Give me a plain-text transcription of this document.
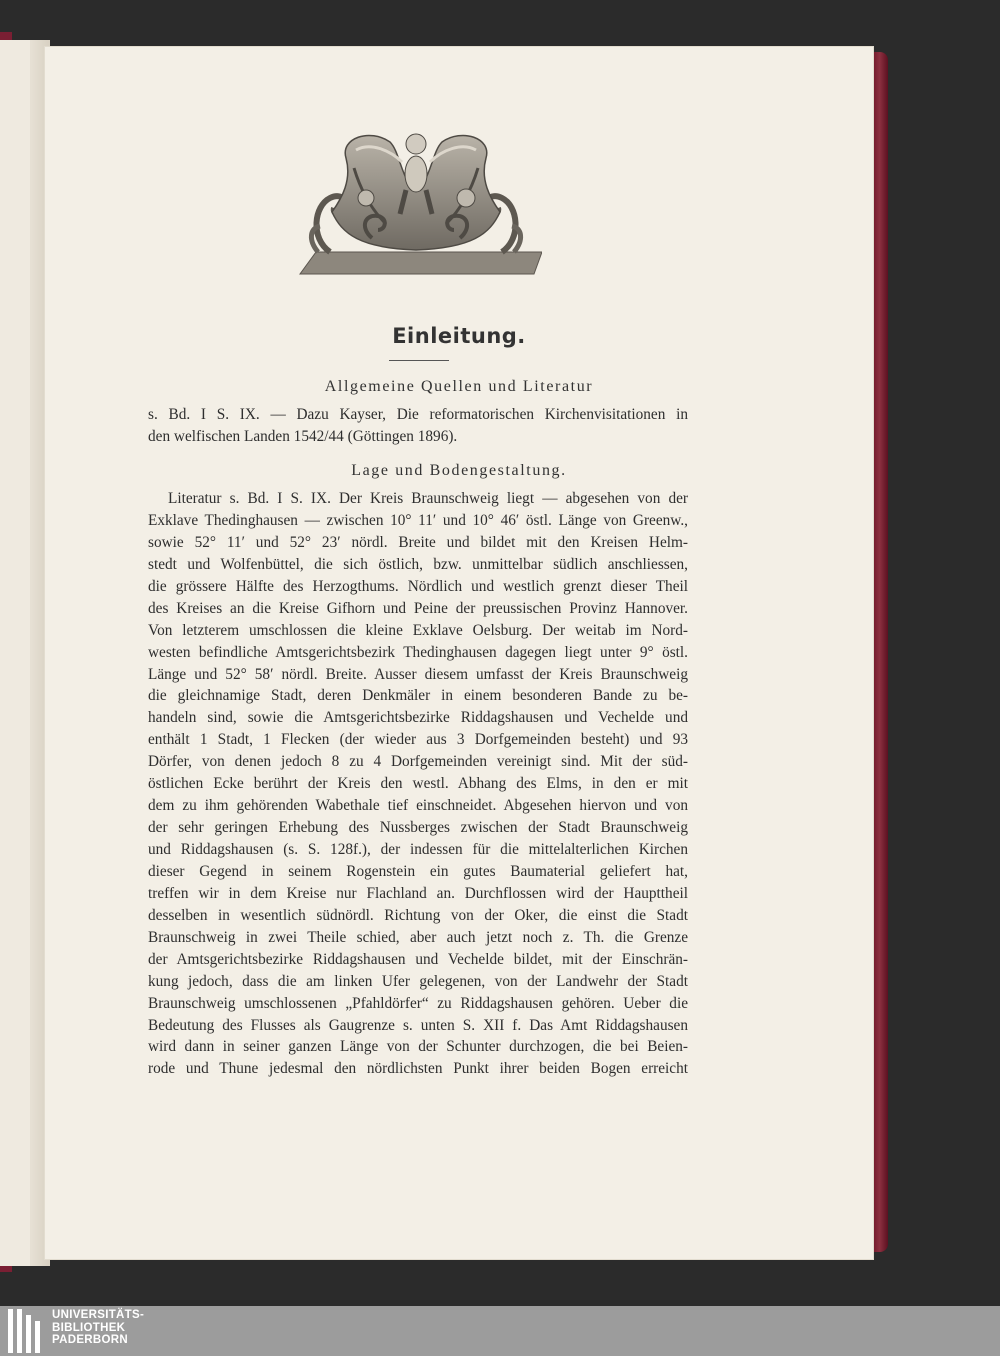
Einleitung.
Allgemeine Quellen und Literatur
s. Bd. I S. IX. — Dazu Kayser, Die reformatorischen Kirchenvisitationen in
den welfischen Landen 1542/44 (Göttingen 1896).
Lage und Bodengestaltung.
Literatur s. Bd. I S. IX. Der Kreis Braunschweig liegt — abgesehen von der
Exklave Thedinghausen — zwischen 10° 11′ und 10° 46′ östl. Länge von Greenw.,
sowie 52° 11′ und 52° 23′ nördl. Breite und bildet mit den Kreisen Helm-
stedt und Wolfenbüttel, die sich östlich, bzw. unmittelbar südlich anschliessen,
die grössere Hälfte des Herzogthums. Nördlich und westlich grenzt dieser Theil
des Kreises an die Kreise Gifhorn und Peine der preussischen Provinz Hannover.
Von letzterem umschlossen die kleine Exklave Oelsburg. Der weitab im Nord-
westen befindliche Amtsgerichtsbezirk Thedinghausen dagegen liegt unter 9° östl.
Länge und 52° 58′ nördl. Breite. Ausser diesem umfasst der Kreis Braunschweig
die gleichnamige Stadt, deren Denkmäler in einem besonderen Bande zu be-
handeln sind, sowie die Amtsgerichtsbezirke Riddagshausen und Vechelde und
enthält 1 Stadt, 1 Flecken (der wieder aus 3 Dorfgemeinden besteht) und 93
Dörfer, von denen jedoch 8 zu 4 Dorfgemeinden vereinigt sind. Mit der süd-
östlichen Ecke berührt der Kreis den westl. Abhang des Elms, in den er mit
dem zu ihm gehörenden Wabethale tief einschneidet. Abgesehen hiervon und von
der sehr geringen Erhebung des Nussberges zwischen der Stadt Braunschweig
und Riddagshausen (s. S. 128f.), der indessen für die mittelalterlichen Kirchen
dieser Gegend in seinem Rogenstein ein gutes Baumaterial geliefert hat,
treffen wir in dem Kreise nur Flachland an. Durchflossen wird der Haupttheil
desselben in wesentlich südnördl. Richtung von der Oker, die einst die Stadt
Braunschweig in zwei Theile schied, aber auch jetzt noch z. Th. die Grenze
der Amtsgerichtsbezirke Riddagshausen und Vechelde bildet, mit der Einschrän-
kung jedoch, dass die am linken Ufer gelegenen, von der Landwehr der Stadt
Braunschweig umschlossenen „Pfahldörfer“ zu Riddagshausen gehören. Ueber die
Bedeutung des Flusses als Gaugrenze s. unten S. XII f. Das Amt Riddagshausen
wird dann in seiner ganzen Länge von der Schunter durchzogen, die bei Beien-
rode und Thune jedesmal den nördlichsten Punkt ihrer beiden Bogen erreicht
UNIVERSITÄTS-
BIBLIOTHEK
PADERBORN
